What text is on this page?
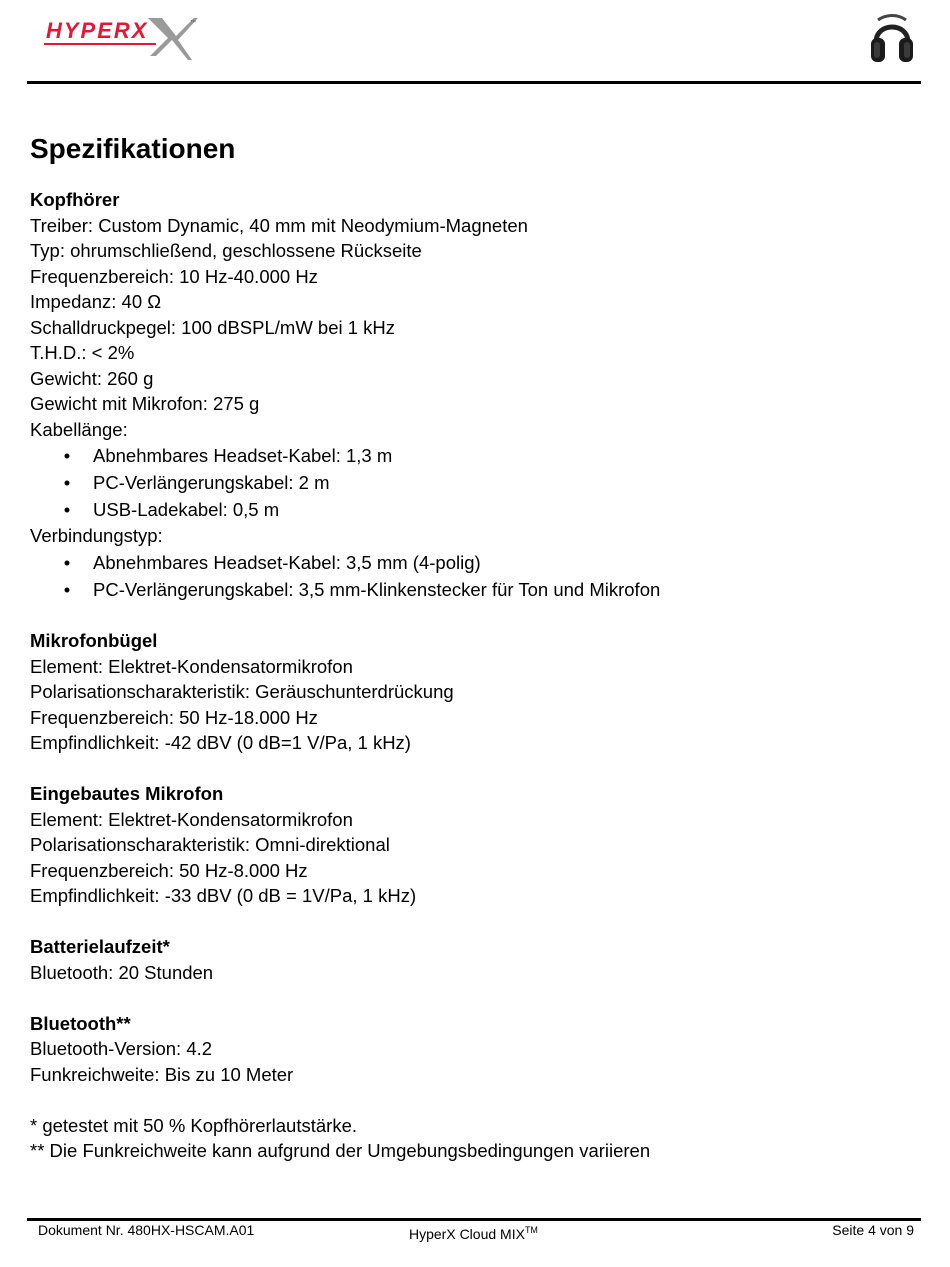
HYPERX	™
Spezifikationen

Kopfhörer

Treiber: Custom Dynamic, 40 mm mit Neodymium-Magneten

Typ: ohrumschließend, geschlossene Rückseite

Frequenzbereich: 10 Hz-40.000 Hz

Impedanz: 40 Ω

Schalldruckpegel: 100 dBSPL/mW bei 1 kHz

T.H.D.: < 2%

Gewicht: 260 g

Gewicht mit Mikrofon: 275 g

Kabellänge:

• Abnehmbares Headset-Kabel: 1,3 m
• PC-Verlängerungskabel: 2 m
• USB-Ladekabel: 0,5 m

Verbindungstyp:

• Abnehmbares Headset-Kabel: 3,5 mm (4-polig)
• PC-Verlängerungskabel: 3,5 mm-Klinkenstecker für Ton und Mikrofon

Mikrofonbügel

Element: Elektret-Kondensatormikrofon

Polarisationscharakteristik: Geräuschunterdrückung

Frequenzbereich: 50 Hz-18.000 Hz

Empfindlichkeit: -42 dBV (0 dB=1 V/Pa, 1 kHz)

Eingebautes Mikrofon

Element: Elektret-Kondensatormikrofon

Polarisationscharakteristik: Omni-direktional

Frequenzbereich: 50 Hz-8.000 Hz

Empfindlichkeit: -33 dBV (0 dB = 1V/Pa, 1 kHz)

Batterielaufzeit*

Bluetooth: 20 Stunden

Bluetooth**

Bluetooth-Version: 4.2

Funkreichweite: Bis zu 10 Meter

* getestet mit 50 % Kopfhörerlautstärke.

** Die Funkreichweite kann aufgrund der Umgebungsbedingungen variieren

Dokument Nr. 480HX-HSCAM.A01	HyperX Cloud MIX™	Seite 4 von 9
